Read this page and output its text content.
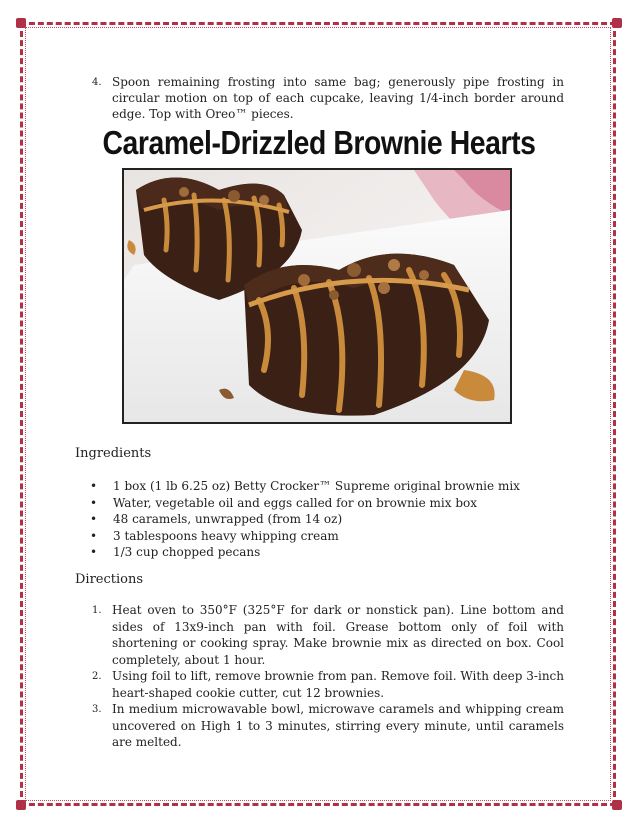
4. Spoon remaining frosting into same bag; generously pipe frosting in circular motion on top of each cupcake, leaving 1/4-inch border around edge. Top with Oreo™ pieces.
Caramel-Drizzled Brownie Hearts
Ingredients
• 1 box (1 lb 6.25 oz) Betty Crocker™ Supreme original brownie mix
• Water, vegetable oil and eggs called for on brownie mix box
• 48 caramels, unwrapped (from 14 oz)
• 3 tablespoons heavy whipping cream
• 1/3 cup chopped pecans
Directions
1. Heat oven to 350°F (325°F for dark or nonstick pan). Line bottom and sides of 13x9-inch pan with foil. Grease bottom only of foil with shortening or cooking spray. Make brownie mix as directed on box. Cool completely, about 1 hour.
2. Using foil to lift, remove brownie from pan. Remove foil. With deep 3-inch heart-shaped cookie cutter, cut 12 brownies.
3. In medium microwavable bowl, microwave caramels and whipping cream uncovered on High 1 to 3 minutes, stirring every minute, until caramels are melted.
